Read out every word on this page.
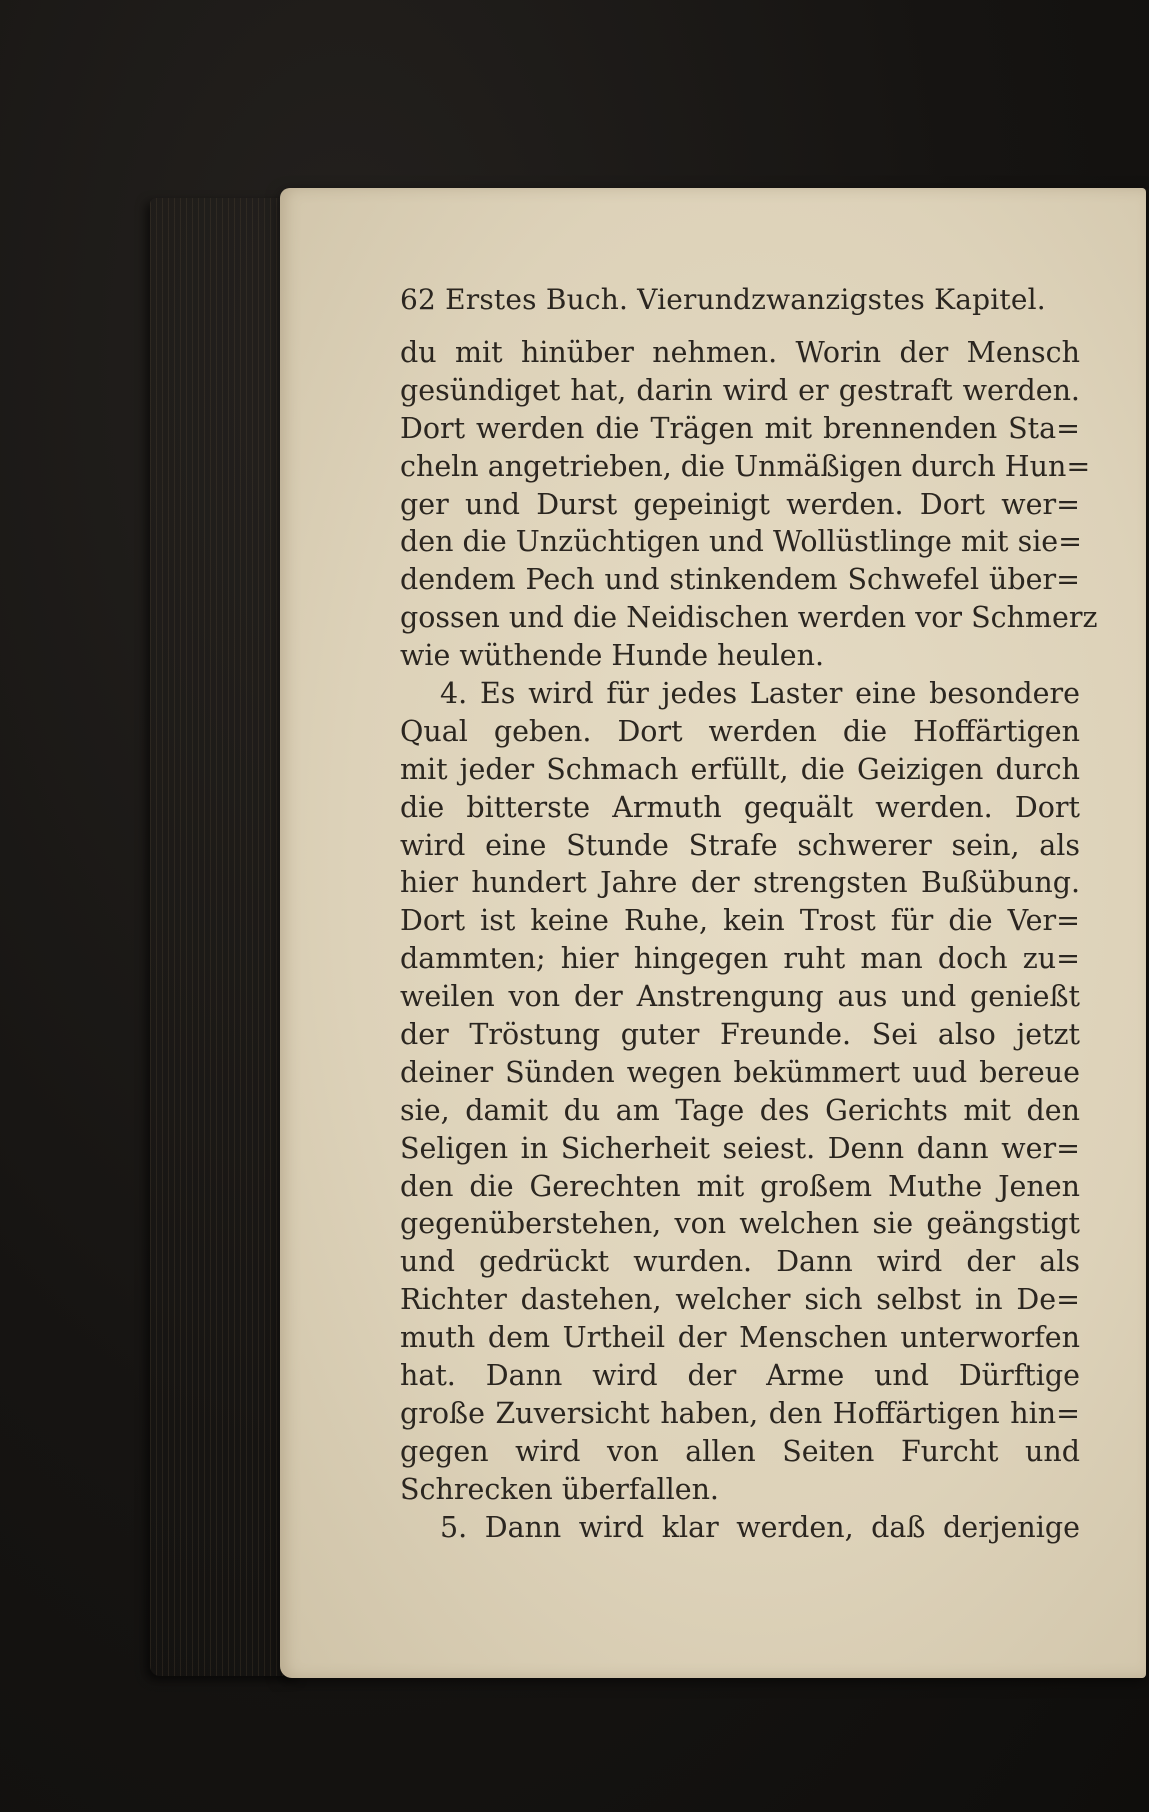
62 Erstes Buch. Vierundzwanzigstes Kapitel.
du mit hinüber nehmen. Worin der Mensch
gesündiget hat, darin wird er gestraft werden.
Dort werden die Trägen mit brennenden Sta=
cheln angetrieben, die Unmäßigen durch Hun=
ger und Durst gepeinigt werden. Dort wer=
den die Unzüchtigen und Wollüstlinge mit sie=
dendem Pech und stinkendem Schwefel über=
gossen und die Neidischen werden vor Schmerz
wie wüthende Hunde heulen.
4. Es wird für jedes Laster eine besondere
Qual geben. Dort werden die Hoffärtigen
mit jeder Schmach erfüllt, die Geizigen durch
die bitterste Armuth gequält werden. Dort
wird eine Stunde Strafe schwerer sein, als
hier hundert Jahre der strengsten Bußübung.
Dort ist keine Ruhe, kein Trost für die Ver=
dammten; hier hingegen ruht man doch zu=
weilen von der Anstrengung aus und genießt
der Tröstung guter Freunde. Sei also jetzt
deiner Sünden wegen bekümmert uud bereue
sie, damit du am Tage des Gerichts mit den
Seligen in Sicherheit seiest. Denn dann wer=
den die Gerechten mit großem Muthe Jenen
gegenüberstehen, von welchen sie geängstigt
und gedrückt wurden. Dann wird der als
Richter dastehen, welcher sich selbst in De=
muth dem Urtheil der Menschen unterworfen
hat. Dann wird der Arme und Dürftige
große Zuversicht haben, den Hoffärtigen hin=
gegen wird von allen Seiten Furcht und
Schrecken überfallen.
5. Dann wird klar werden, daß derjenige
